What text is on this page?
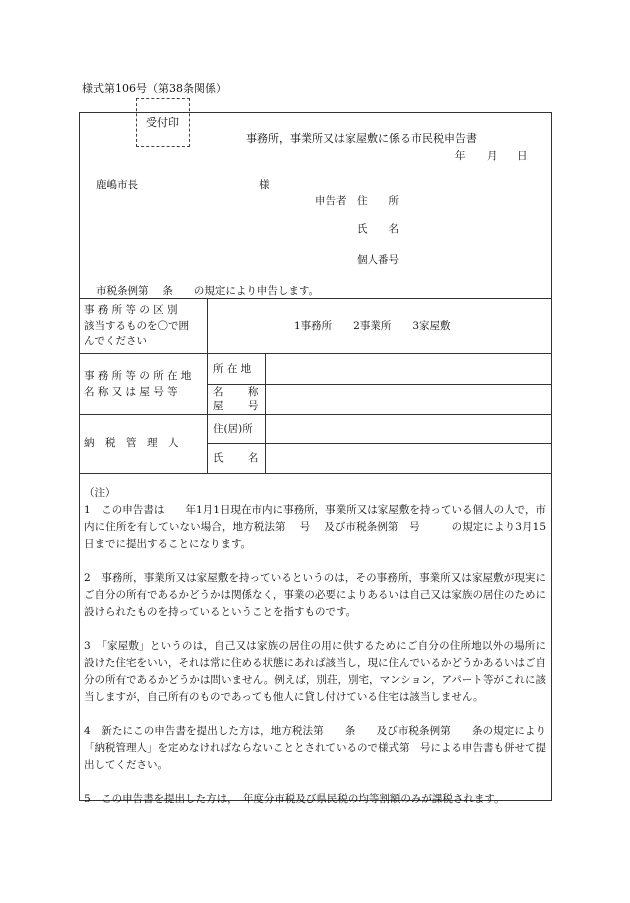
様式第106号（第38条関係）
受付印
事務所，事業所又は家屋敷に係る市民税申告書
年 月 日
鹿嶋市長	様
申告者 住　　所
氏　　名
個人番号
市税条例第　 条　　の規定により申告します。
事 務 所 等 の 区 別
該当するものを〇で囲
んでください
1事務所　　2事業所　　3家屋敷
事 務 所 等 の 所 在 地
名 称 又 は 屋 号 等
所 在 地
名　　 称
屋　　 号
納　税　管　理　人
住(居)所
氏　　 名
（注）

1　この申告書は　　年1月1日現在市内に事務所，事業所又は家屋敷を持っている個人の人で，市内に住所を有していない場合，地方税法第　 号　 及び市税条例第　号　　　の規定により3月15日までに提出することになります。

2　事務所，事業所又は家屋敷を持っているというのは，その事務所，事業所又は家屋敷が現実にご自分の所有であるかどうかは関係なく，事業の必要によりあるいは自己又は家族の居住のために設けられたものを持っているということを指すものです。

3　「家屋敷」というのは，自己又は家族の居住の用に供するためにご自分の住所地以外の場所に設けた住宅をいい，それは常に住める状態にあれば該当し，現に住んでいるかどうかあるいはご自分の所有であるかどうかは問いません。例えば，別荘，別宅，マンション，アパート等がこれに該当しますが，自己所有のものであっても他人に貸し付けている住宅は該当しません。

4　新たにこの申告書を提出した方は，地方税法第　　条　　及び市税条例第　　条の規定により「納税管理人」を定めなければならないこととされているので様式第　号による申告書も併せて提出してください。

5　この申告書を提出した方は，　年度分市税及び県民税の均等割額のみが課税されます。
